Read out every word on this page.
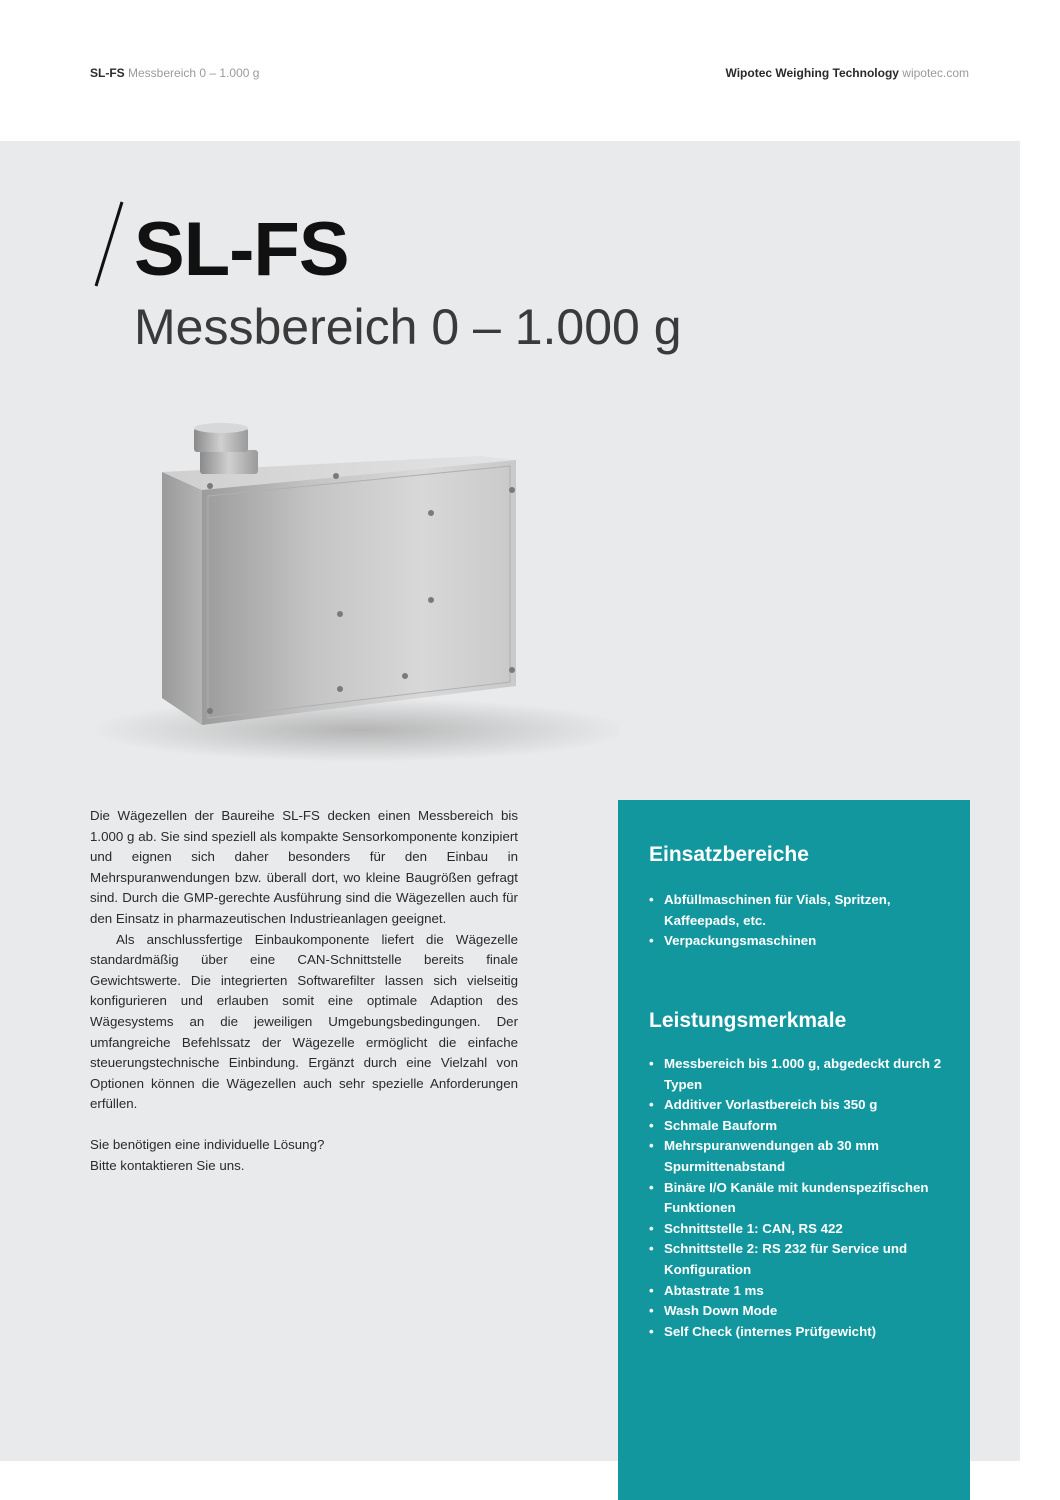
SL-FS Messbereich 0 – 1.000 g	Wipotec Weighing Technology wipotec.com
SL-FS
Messbereich 0 – 1.000 g

Die Wägezellen der Baureihe SL-FS decken einen Messbereich bis 1.000 g ab. Sie sind speziell als kompakte Sensorkomponente konzipiert und eignen sich daher besonders für den Einbau in Mehrspuranwendungen bzw. überall dort, wo kleine Baugrößen gefragt sind. Durch die GMP-gerechte Ausführung sind die Wägezellen auch für den Einsatz in pharmazeutischen Industrieanlagen geeignet.

Als anschlussfertige Einbaukomponente liefert die Wägezelle standardmäßig über eine CAN-Schnittstelle bereits finale Gewichtswerte. Die integrierten Softwarefilter lassen sich vielseitig konfigurieren und erlauben somit eine optimale Adaption des Wägesystems an die jeweiligen Umgebungsbedingungen. Der umfangreiche Befehlssatz der Wägezelle ermöglicht die einfache steuerungstechnische Einbindung. Ergänzt durch eine Vielzahl von Optionen können die Wägezellen auch sehr spezielle Anforderungen erfüllen.

Sie benötigen eine individuelle Lösung?
Bitte kontaktieren Sie uns.

Einsatzbereiche
• Abfüllmaschinen für Vials, Spritzen, Kaffeepads, etc.
• Verpackungsmaschinen
Leistungsmerkmale
• Messbereich bis 1.000 g, abgedeckt durch 2 Typen
• Additiver Vorlastbereich bis 350 g
• Schmale Bauform
• Mehrspuranwendungen ab 30 mm Spurmittenabstand
• Binäre I/O Kanäle mit kundenspezifischen Funktionen
• Schnittstelle 1: CAN, RS 422
• Schnittstelle 2: RS 232 für Service und Konfiguration
• Abtastrate 1 ms
• Wash Down Mode
• Self Check (internes Prüfgewicht)
